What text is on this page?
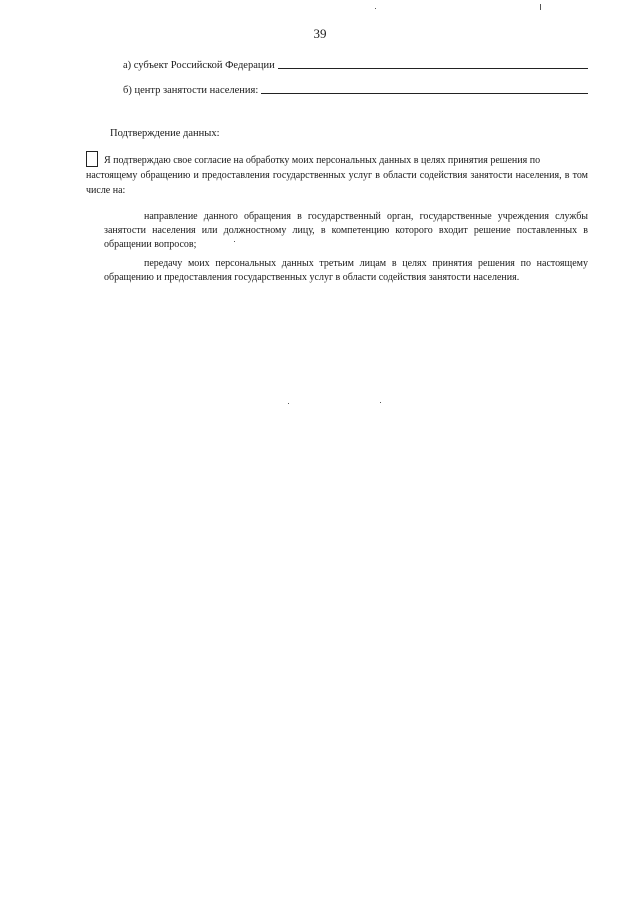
39
а) субъект Российской Федерации
б) центр занятости населения:
Подтверждение данных:
Я подтверждаю свое согласие на обработку моих персональных данных в целях принятия решения по
настоящему обращению и предоставления государственных услуг в области содействия занятости населения, в том числе на:
направление данного обращения в государственный орган, государственные учреждения службы занятости населения или должностному лицу, в компетенцию которого входит решение поставленных в обращении вопросов;
передачу моих персональных данных третьим лицам в целях принятия решения по настоящему обращению и предоставления государственных услуг в области содействия занятости населения.
